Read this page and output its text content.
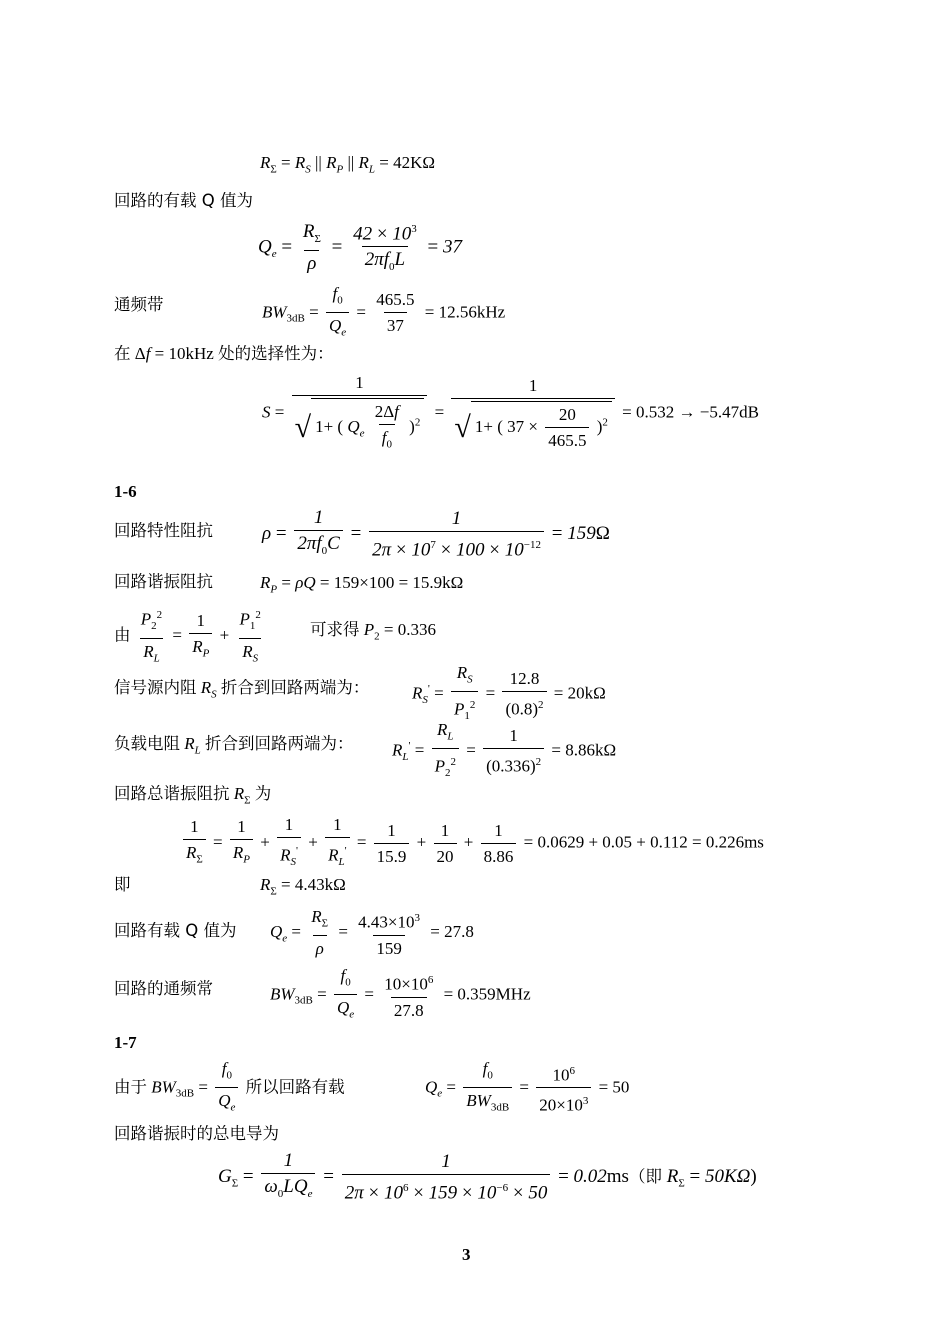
$R_\Sigma = R_S$ || $R_P$ || $R_L = 42K\Omega$
回路的有载 Q 值为
$Q_e = \frac{R_\Sigma}{\rho} = \frac{42 \times 10^3}{2\pi f_0L} = 37$
通频带	$BW_{3dB} = \frac{f_0}{Q_e} = \frac{465.5}{37} = 12.56kHz$
在 Δf = 10kHz 处的选择性为：
$S = \frac{1}{√ 1+ ( Q_e \frac{2\Delta f}{f_0} )^2} = \frac{1}{√ 1+ ( 37 \times \frac{20}{465.5} )^2} = 0.532 \to -5.47dB$
1-6
回路特性阻抗	$\rho = \frac{1}{2\pi f_0C} = \frac{1}{2\pi \times 10^7 \times 100 \times 10^{-12}} = 159\Omega$
回路谐振阻抗	$R_P = \rho Q = 159\times 100 = 15.9k\Omega$
由 $\frac{P_2^2}{R_L} = \frac{1}{R_P} + \frac{P_1^2}{R_S}$	可求得 $P_2 = 0.336$
信号源内阻 $R_S$ 折合到回路两端为：	$R_S' = \frac{R_S}{P_1^2} = \frac{12.8}{(0.8)^2} = 20k\Omega$
负载电阻 $R_L$ 折合到回路两端为： $R_L' = \frac{R_L}{P_2^2} = \frac{1}{(0.336)^2} = 8.86k\Omega$
回路总谐振阻抗 $R_\Sigma$ 为
$\frac{1}{R_\Sigma} = \frac{1}{R_P} + \frac{1}{R_S'} + \frac{1}{R_L'} = \frac{1}{15.9} + \frac{1}{20} + \frac{1}{8.86} = 0.0629 + 0.05 + 0.112 = 0.226ms$
即	$R_\Sigma = 4.43k\Omega$
回路有载 Q 值为 $Q_e = \frac{R_\Sigma}{\rho} = \frac{4.43\times 10^3}{159} = 27.8$
回路的通频常	$BW_{3dB} = \frac{f_0}{Q_e} = \frac{10\times 10^6}{27.8} = 0.359MHz$
1-7
由于 $BW_{3dB} = \frac{f_0}{Q_e}$ 所以回路有载	$Q_e = \frac{f_0}{BW_{3dB}} = \frac{10^6}{20\times 10^3} = 50$
回路谐振时的总电导为
$G_\Sigma = \frac{1}{\omega_0LQ_e} = \frac{1}{2\pi \times 10^6 \times 159 \times 10^{-6} \times 50} = 0.02ms$（即 $R_\Sigma = 50K\Omega$)
3
